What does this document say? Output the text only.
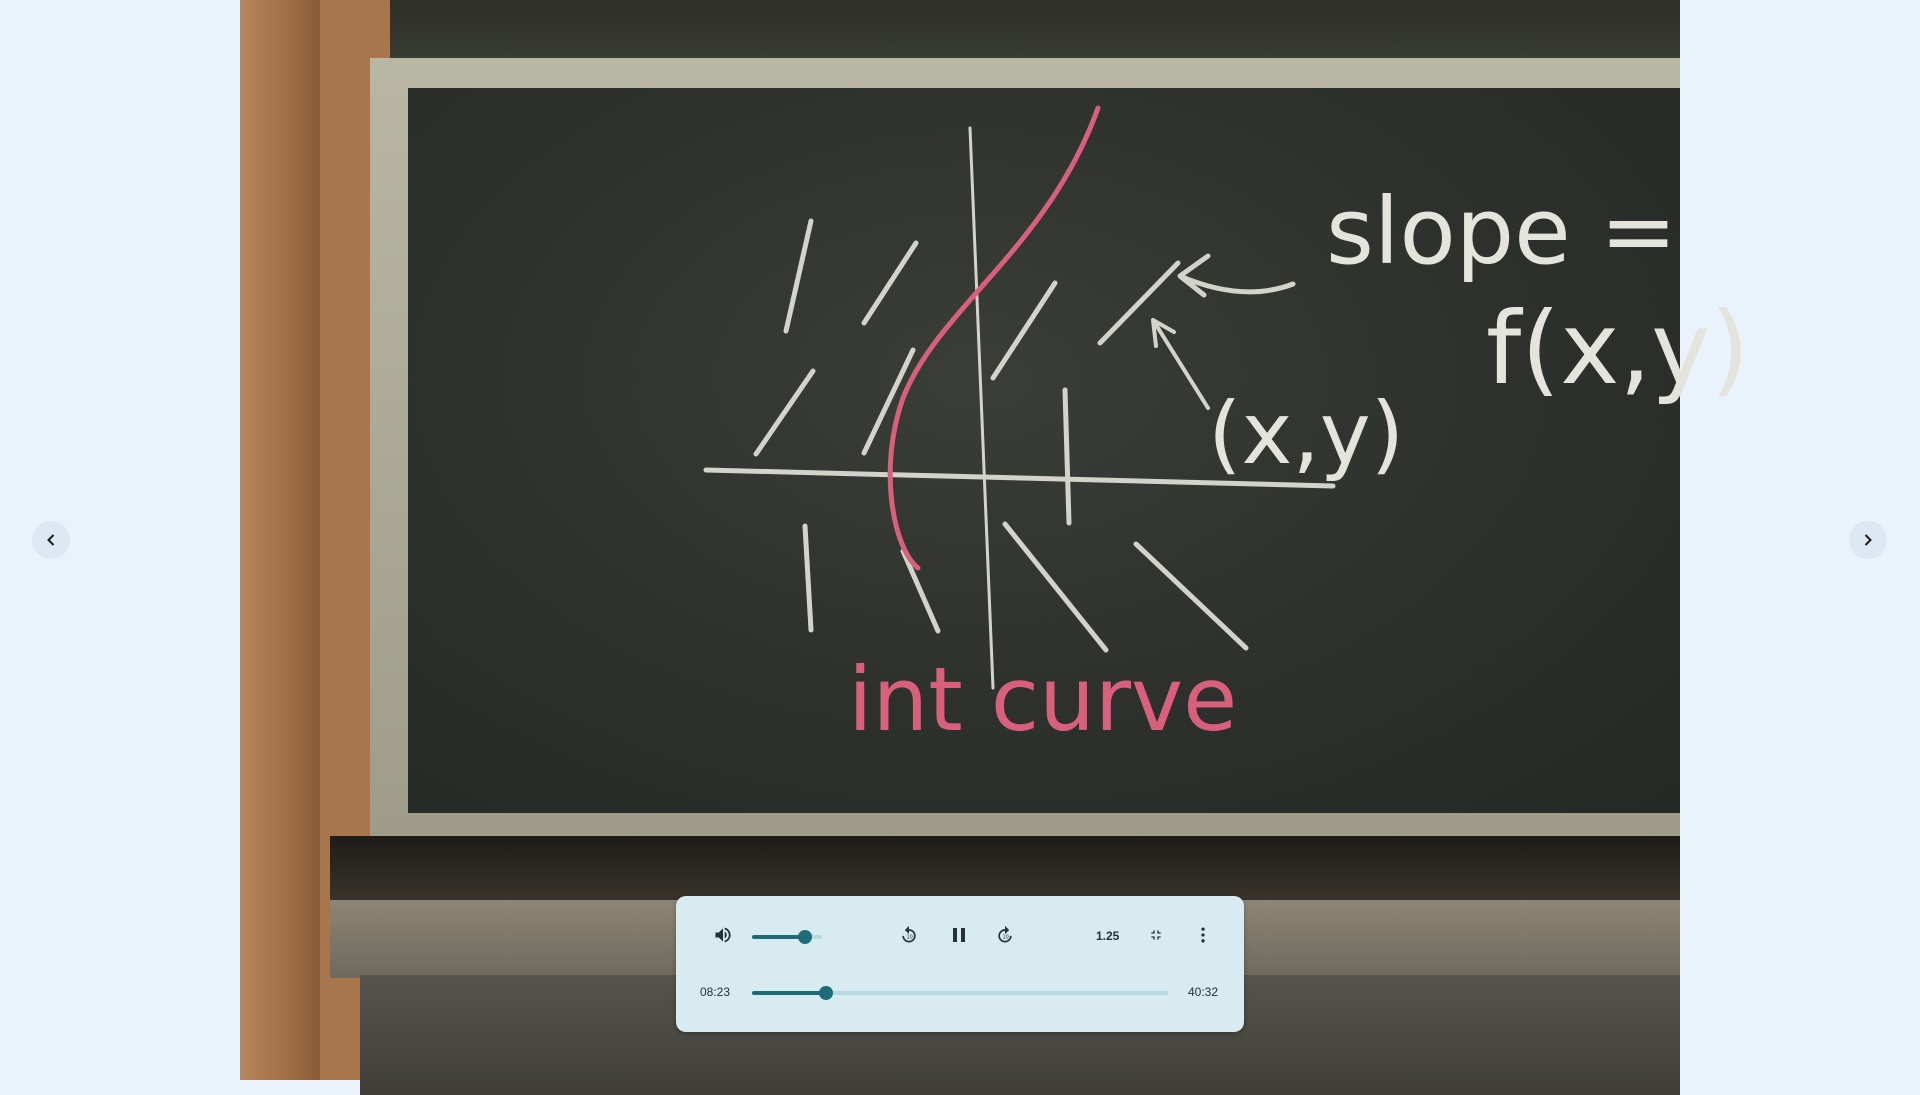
slope =
f(x,y)
(x,y)
int curve
10	10	1.25
08:23	40:32
